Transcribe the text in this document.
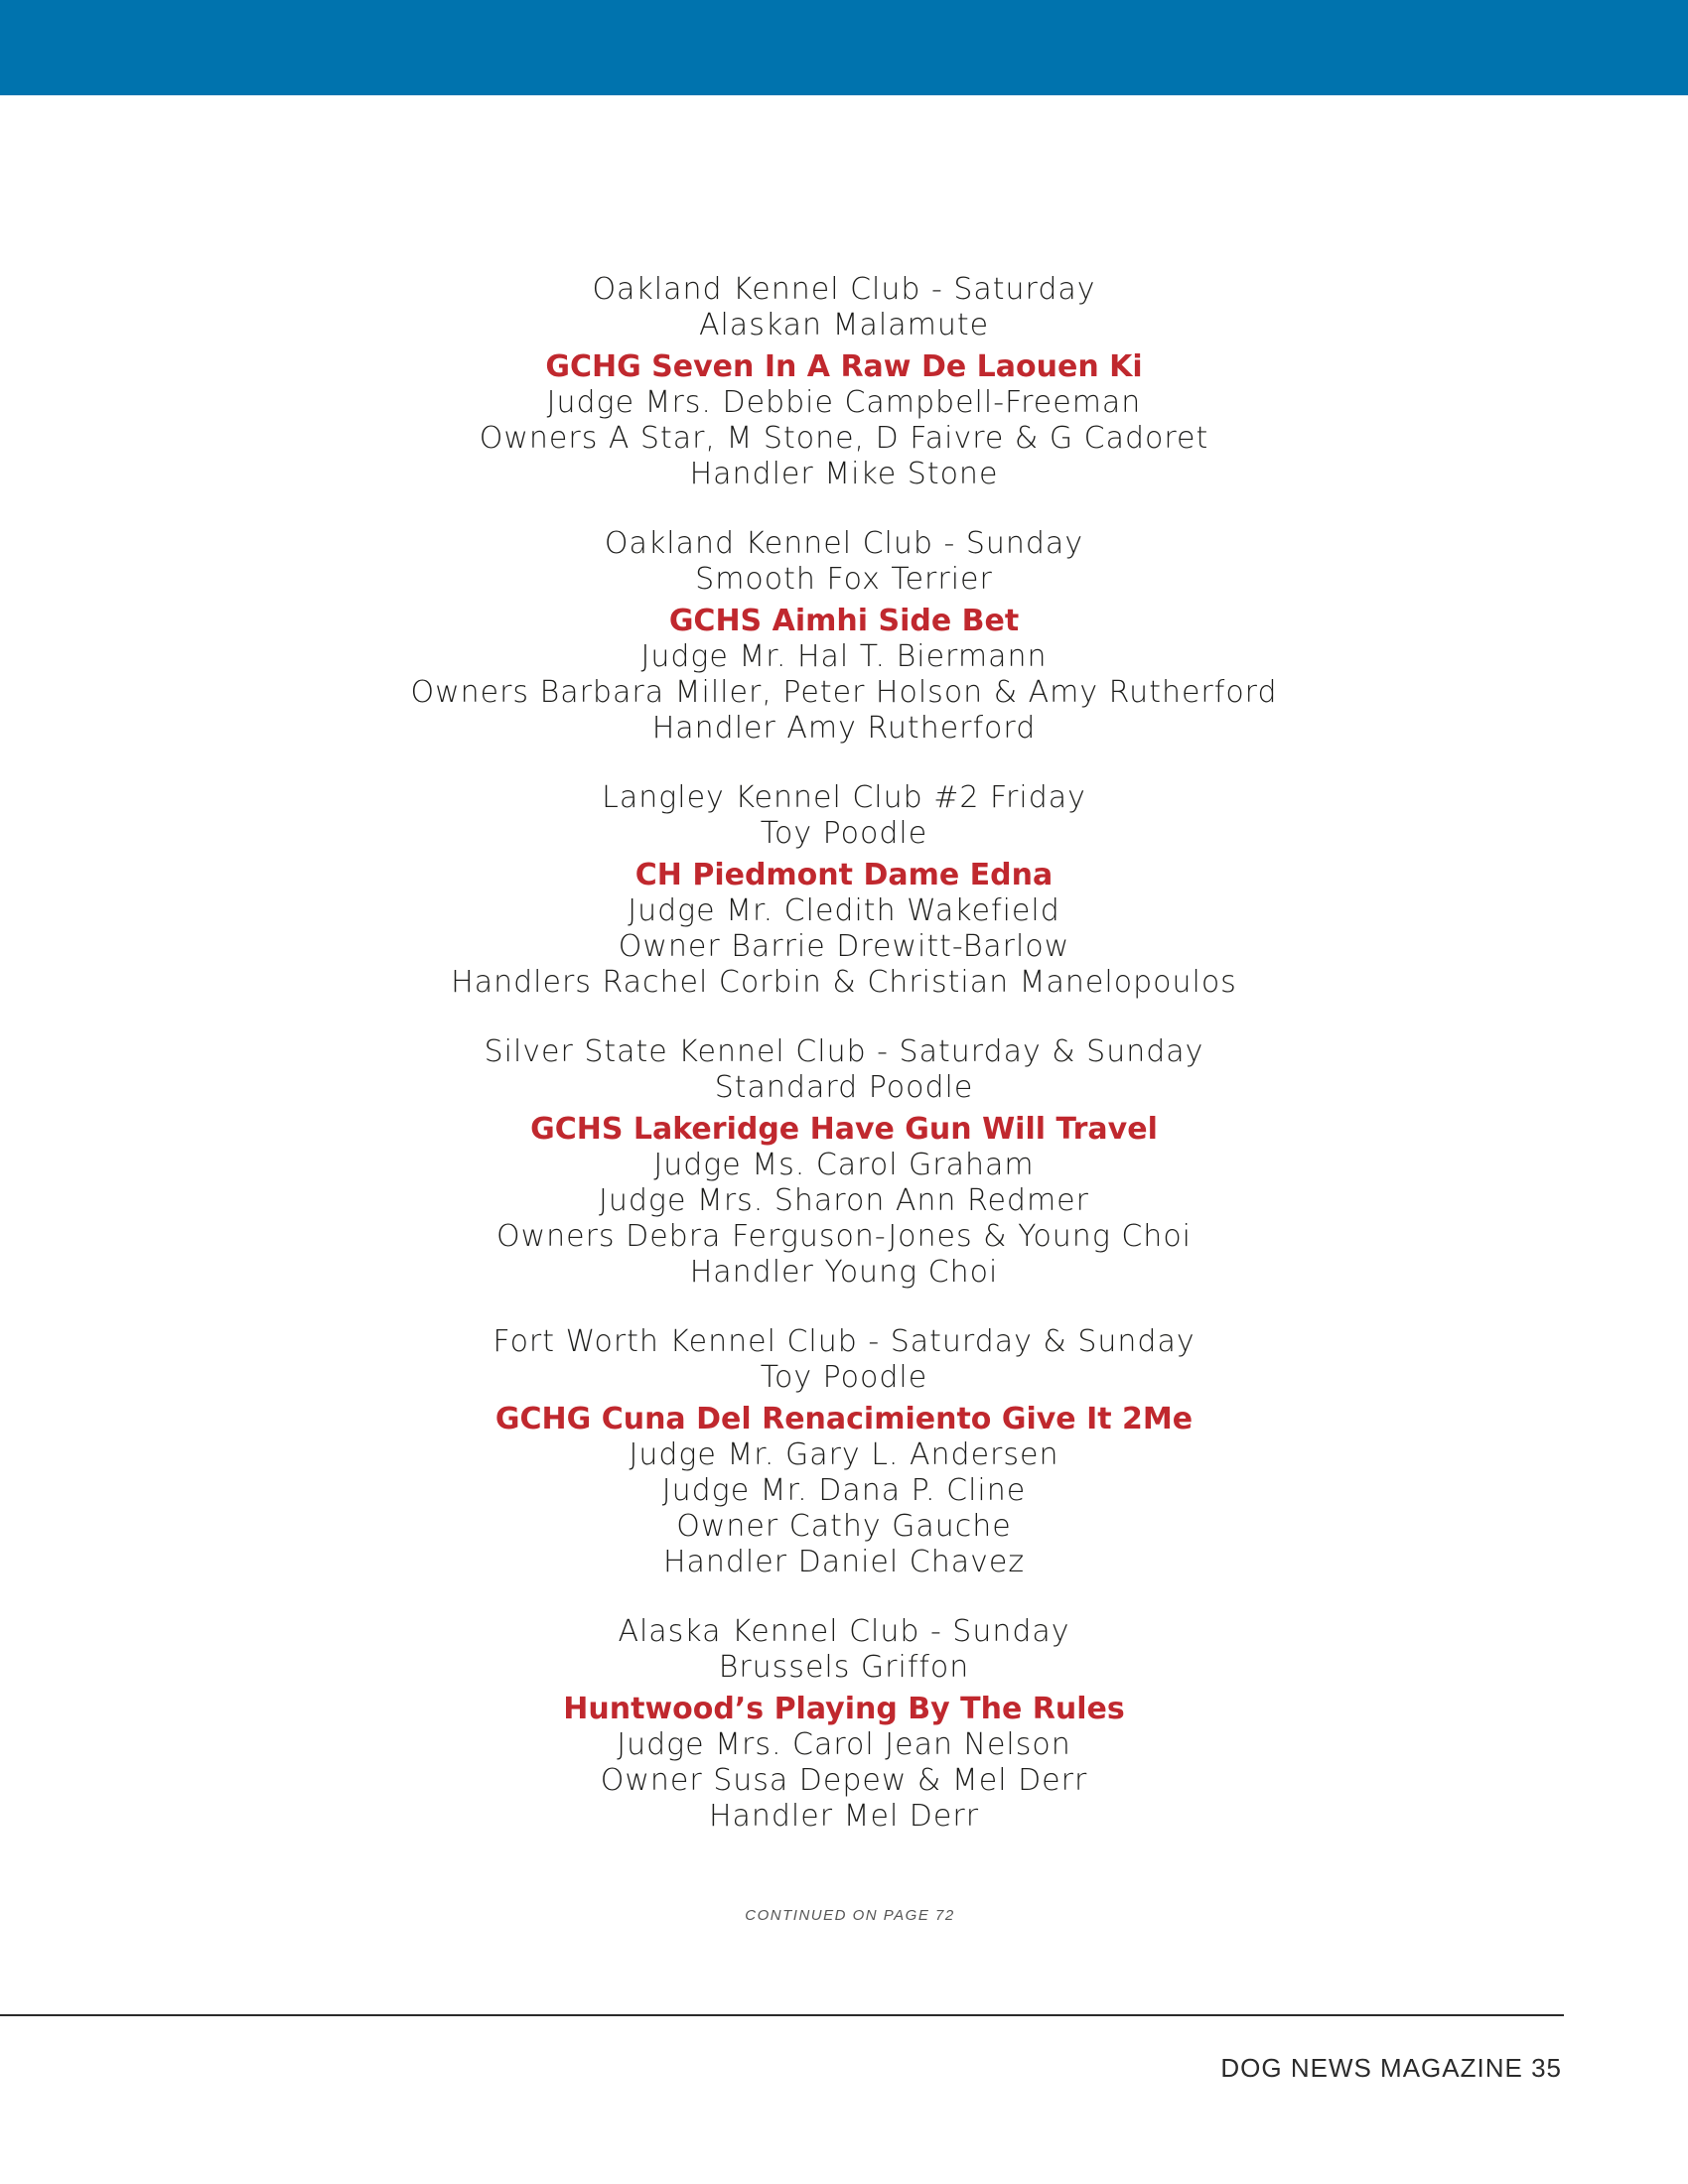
Oakland Kennel Club - Saturday
Alaskan Malamute
GCHG Seven In A Raw De Laouen Ki
Judge Mrs. Debbie Campbell-Freeman
Owners A Star, M Stone, D Faivre & G Cadoret
Handler Mike Stone
Oakland Kennel Club - Sunday
Smooth Fox Terrier
GCHS Aimhi Side Bet
Judge Mr. Hal T. Biermann
Owners Barbara Miller, Peter Holson & Amy Rutherford
Handler Amy Rutherford
Langley Kennel Club #2 Friday
Toy Poodle
CH Piedmont Dame Edna
Judge Mr. Cledith Wakefield
Owner Barrie Drewitt-Barlow
Handlers Rachel Corbin & Christian Manelopoulos
Silver State Kennel Club - Saturday & Sunday
Standard Poodle
GCHS Lakeridge Have Gun Will Travel
Judge Ms. Carol Graham
Judge Mrs. Sharon Ann Redmer
Owners Debra Ferguson-Jones & Young Choi
Handler Young Choi
Fort Worth Kennel Club - Saturday & Sunday
Toy Poodle
GCHG Cuna Del Renacimiento Give It 2Me
Judge Mr. Gary L. Andersen
Judge Mr. Dana P. Cline
Owner Cathy Gauche
Handler Daniel Chavez
Alaska Kennel Club - Sunday
Brussels Griffon
Huntwood’s Playing By The Rules
Judge Mrs. Carol Jean Nelson
Owner Susa Depew & Mel Derr
Handler Mel Derr
CONTINUED ON PAGE 72
DOG NEWS MAGAZINE 35
